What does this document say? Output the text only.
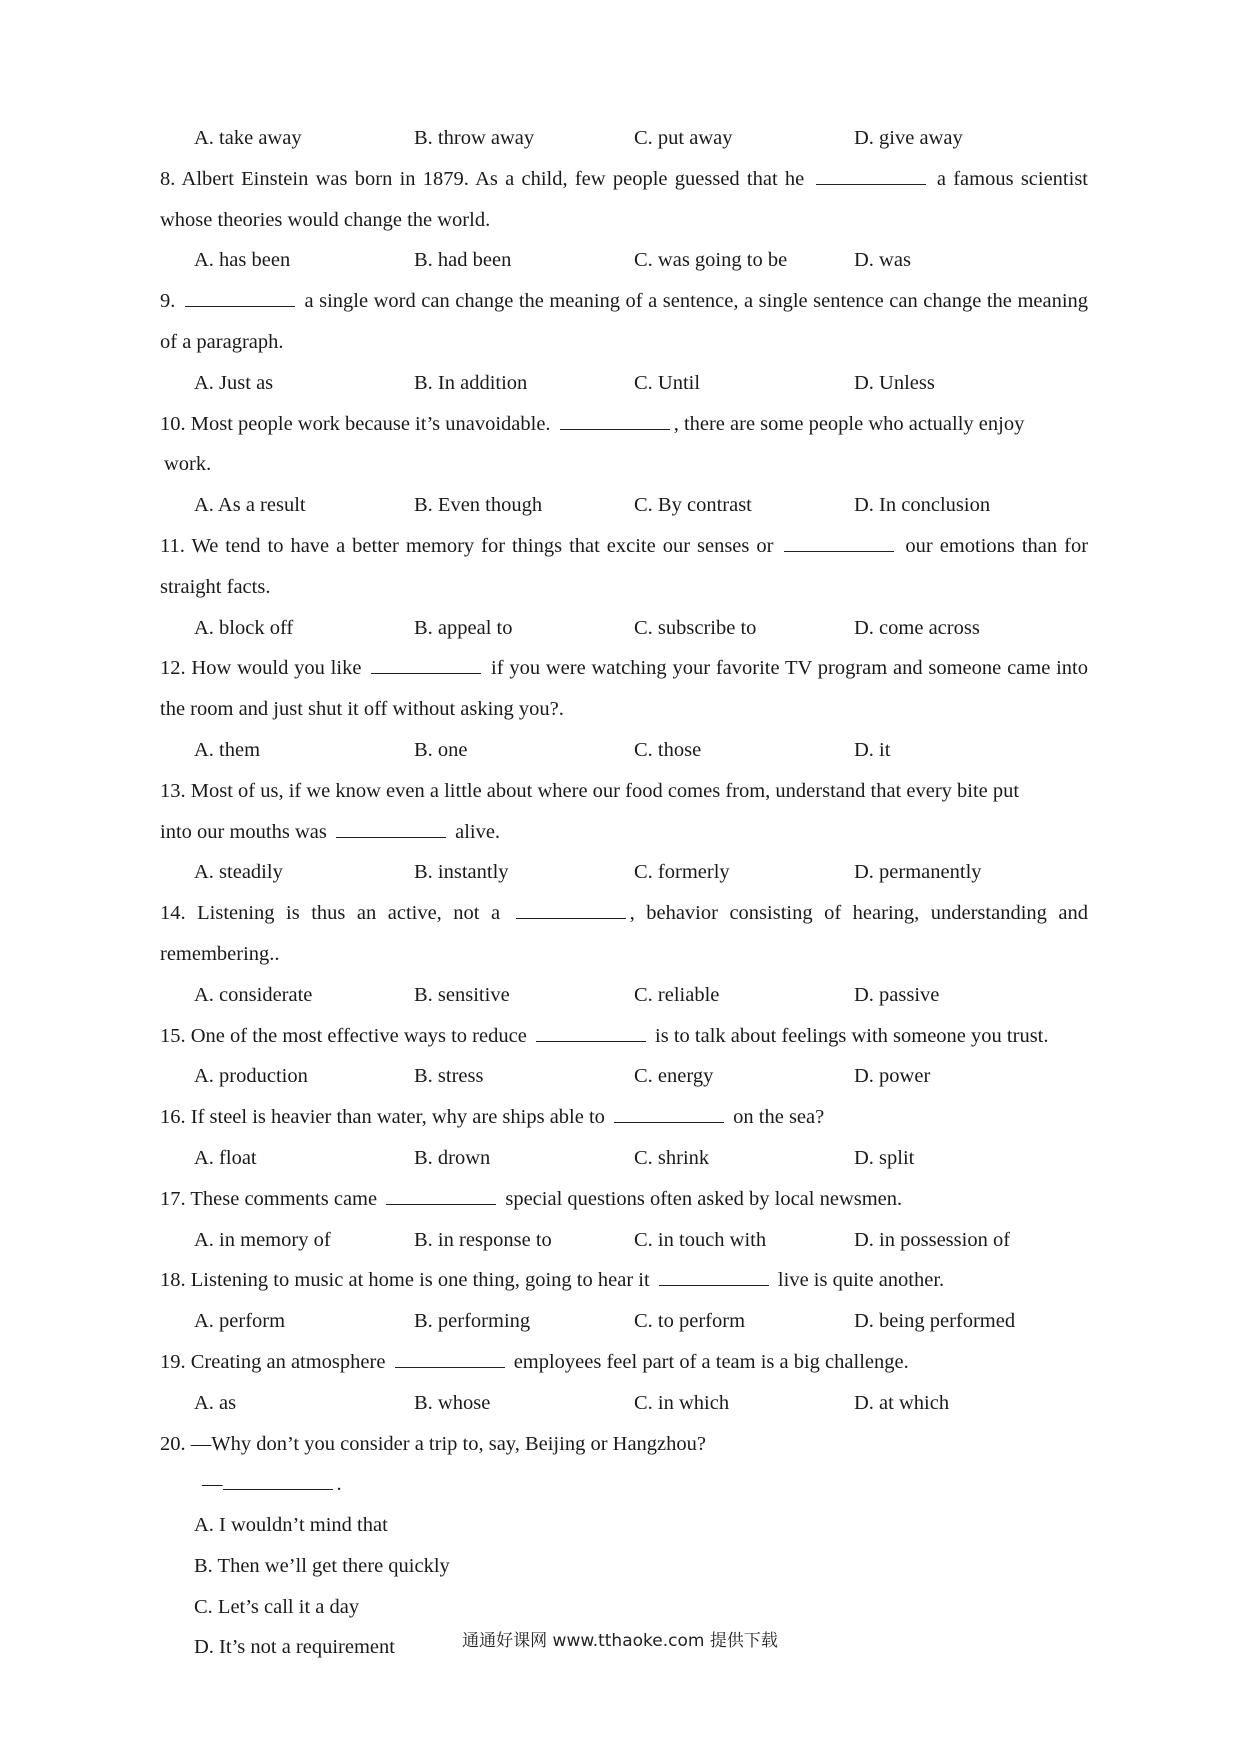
A. take away	B. throw away	C. put away	D. give away

8. Albert Einstein was born in 1879. As a child, few people guessed that he	a famous scientist whose theories would change the world.

A. has been	B. had been	C. was going to be	D. was

9.	a single word can change the meaning of a sentence, a single sentence can change the meaning of a paragraph.

A. Just as	B. In addition	C. Until	D. Unless

10. Most people work because it’s unavoidable.	, there are some people who actually enjoy
work.

A. As a result	B. Even though	C. By contrast	D. In conclusion

11. We tend to have a better memory for things that excite our senses or	our emotions than for straight facts.

A. block off	B. appeal to	C. subscribe to	D. come across

12. How would you like	if you were watching your favorite TV program and someone came into the room and just shut it off without asking you?.

A. them	B. one	C. those	D. it

13. Most of us, if we know even a little about where our food comes from, understand that every bite put
into our mouths was	alive.

A. steadily	B. instantly	C. formerly	D. permanently

14. Listening is thus an active, not a	, behavior consisting of hearing, understanding and remembering..

A. considerate	B. sensitive	C. reliable	D. passive

15. One of the most effective ways to reduce	is to talk about feelings with someone you trust.

A. production	B. stress	C. energy	D. power

16. If steel is heavier than water, why are ships able to	on the sea?

A. float	B. drown	C. shrink	D. split

17. These comments came	special questions often asked by local newsmen.

A. in memory of	B. in response to	C. in touch with	D. in possession of

18. Listening to music at home is one thing, going to hear it	live is quite another.

A. perform	B. performing	C. to perform	D. being performed

19. Creating an atmosphere	employees feel part of a team is a big challenge.

A. as	B. whose	C. in which	D. at which

20. —Why don’t you consider a trip to, say, Beijing or Hangzhou?

—	.
A. I wouldn’t mind that
B. Then we’ll get there quickly
C. Let’s call it a day
D. It’s not a requirement	通通好课网 www.tthaoke.com 提供下载
